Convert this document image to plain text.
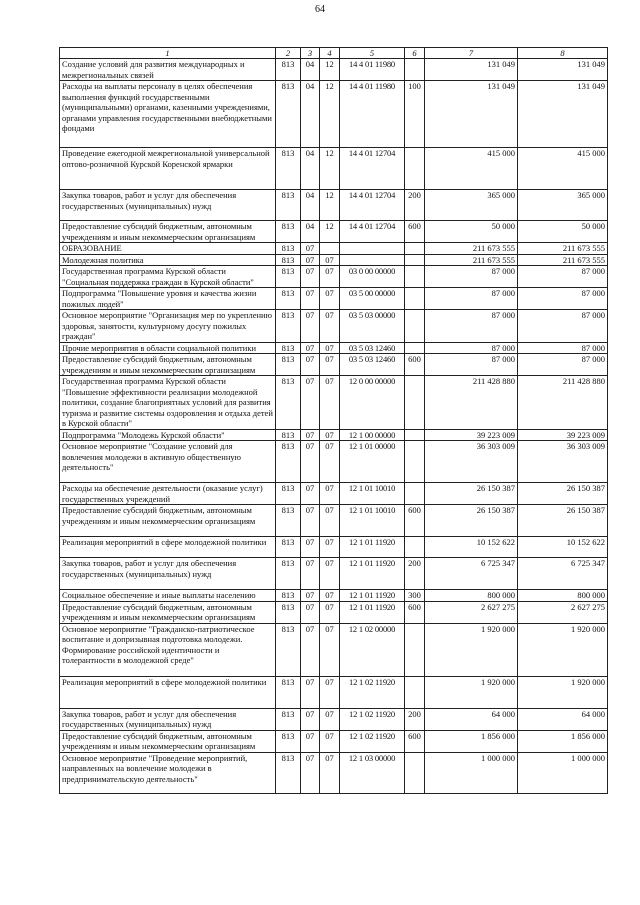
64
1	2	3	4	5	6	7	8
Создание условий для развития международных и межрегиональных связей	813	04	12	14 4 01 11980		131 049	131 049
Расходы на выплаты персоналу в целях обеспечения выполнения функций государственными (муниципальными) органами, казенными учреждениями, органами управления государственными внебюджетными фондами	813	04	12	14 4 01 11980	100	131 049	131 049
Проведение ежегодной межрегиональной универсальной оптово-розничной Курской Коренской ярмарки	813	04	12	14 4 01 12704		415 000	415 000
Закупка товаров, работ и услуг для обеспечения государственных (муниципальных) нужд	813	04	12	14 4 01 12704	200	365 000	365 000
Предоставление субсидий бюджетным, автономным учреждениям и иным некоммерческим организациям	813	04	12	14 4 01 12704	600	50 000	50 000
ОБРАЗОВАНИЕ	813	07				211 673 555	211 673 555
Молодежная политика	813	07	07			211 673 555	211 673 555
Государственная программа Курской области "Социальная поддержка граждан в Курской области"	813	07	07	03 0 00 00000		87 000	87 000
Подпрограмма "Повышение уровня и качества жизни пожилых людей"	813	07	07	03 5 00 00000		87 000	87 000
Основное мероприятие "Организация мер по укреплению здоровья, занятости, культурному досугу пожилых граждан"	813	07	07	03 5 03 00000		87 000	87 000
Прочие мероприятия в области социальной политики	813	07	07	03 5 03 12460		87 000	87 000
Предоставление субсидий бюджетным, автономным учреждениям и иным некоммерческим организациям	813	07	07	03 5 03 12460	600	87 000	87 000
Государственная программа Курской области "Повышение эффективности реализации молодежной политики, создание благоприятных условий для развития туризма и развитие системы оздоровления и отдыха детей в Курской области"	813	07	07	12 0 00 00000		211 428 880	211 428 880
Подпрограмма "Молодежь Курской области"	813	07	07	12 1 00 00000		39 223 009	39 223 009
Основное мероприятие "Создание условий для вовлечения молодежи в активную общественную деятельность"	813	07	07	12 1 01 00000		36 303 009	36 303 009
Расходы на обеспечение деятельности (оказание услуг) государственных учреждений	813	07	07	12 1 01 10010		26 150 387	26 150 387
Предоставление субсидий бюджетным, автономным учреждениям и иным некоммерческим организациям	813	07	07	12 1 01 10010	600	26 150 387	26 150 387
Реализация мероприятий в сфере молодежной политики	813	07	07	12 1 01 11920		10 152 622	10 152 622
Закупка товаров, работ и услуг для обеспечения государственных (муниципальных) нужд	813	07	07	12 1 01 11920	200	6 725 347	6 725 347
Социальное обеспечение и иные выплаты населению	813	07	07	12 1 01 11920	300	800 000	800 000
Предоставление субсидий бюджетным, автономным учреждениям и иным некоммерческим организациям	813	07	07	12 1 01 11920	600	2 627 275	2 627 275
Основное мероприятие "Гражданско-патриотическое воспитание и допризывная подготовка молодежи. Формирование российской идентичности и толерантности в молодежной среде"	813	07	07	12 1 02 00000		1 920 000	1 920 000
Реализация мероприятий в сфере молодежной политики	813	07	07	12 1 02 11920		1 920 000	1 920 000
Закупка товаров, работ и услуг для обеспечения государственных (муниципальных) нужд	813	07	07	12 1 02 11920	200	64 000	64 000
Предоставление субсидий бюджетным, автономным учреждениям и иным некоммерческим организациям	813	07	07	12 1 02 11920	600	1 856 000	1 856 000
Основное мероприятие "Проведение мероприятий, направленных на вовлечение молодежи в предпринимательскую деятельность"	813	07	07	12 1 03 00000		1 000 000	1 000 000
